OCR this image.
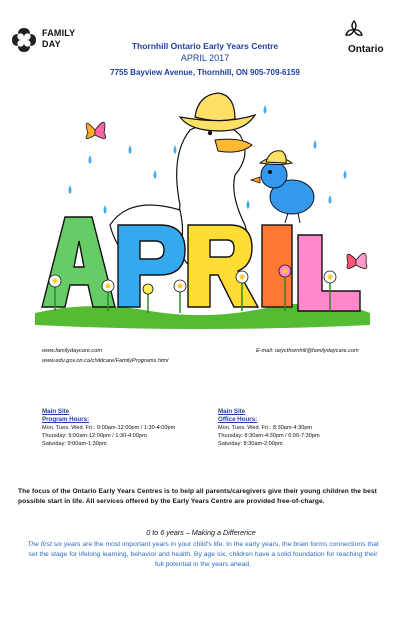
FAMILY
DAY	Ontario
Thornhill Ontario Early Years Centre
APRIL 2017
7755 Bayview Avenue, Thornhill, ON 905-709-6159
www.familydaycare.com
www.edu.gov.on.ca/childcare/FamilyPrograms.html
E-mail: oeycthornhill@familydaycare.com
Main Site
Program Hours:
Mon. Tues. Wed. Fri.: 9:00am-12:00pm / 1:30-4:00pm
Thursday: 9:00am-12:00pm / 1:30-4:00pm
Saturday: 9:00am-1:30pm
Main Site
Office Hours:
Mon. Tues. Wed. Fri.: 8:30am-4:30pm
Thursday: 8:30am-4:30pm / 6:00-7:30pm
Saturday: 8:30am-2:00pm
The focus of the Ontario Early Years Centres is to help all parents/caregivers give their young children the best possible start in life. All services offered by the Early Years Centre are provided free-of-charge.
0 to 6 years – Making a Difference
The first six years are the most important years in your child's life. In the early years, the brain forms connections that set the stage for lifelong learning, behavior and health. By age six, children have a solid foundation for reaching their full potential in the years ahead.
